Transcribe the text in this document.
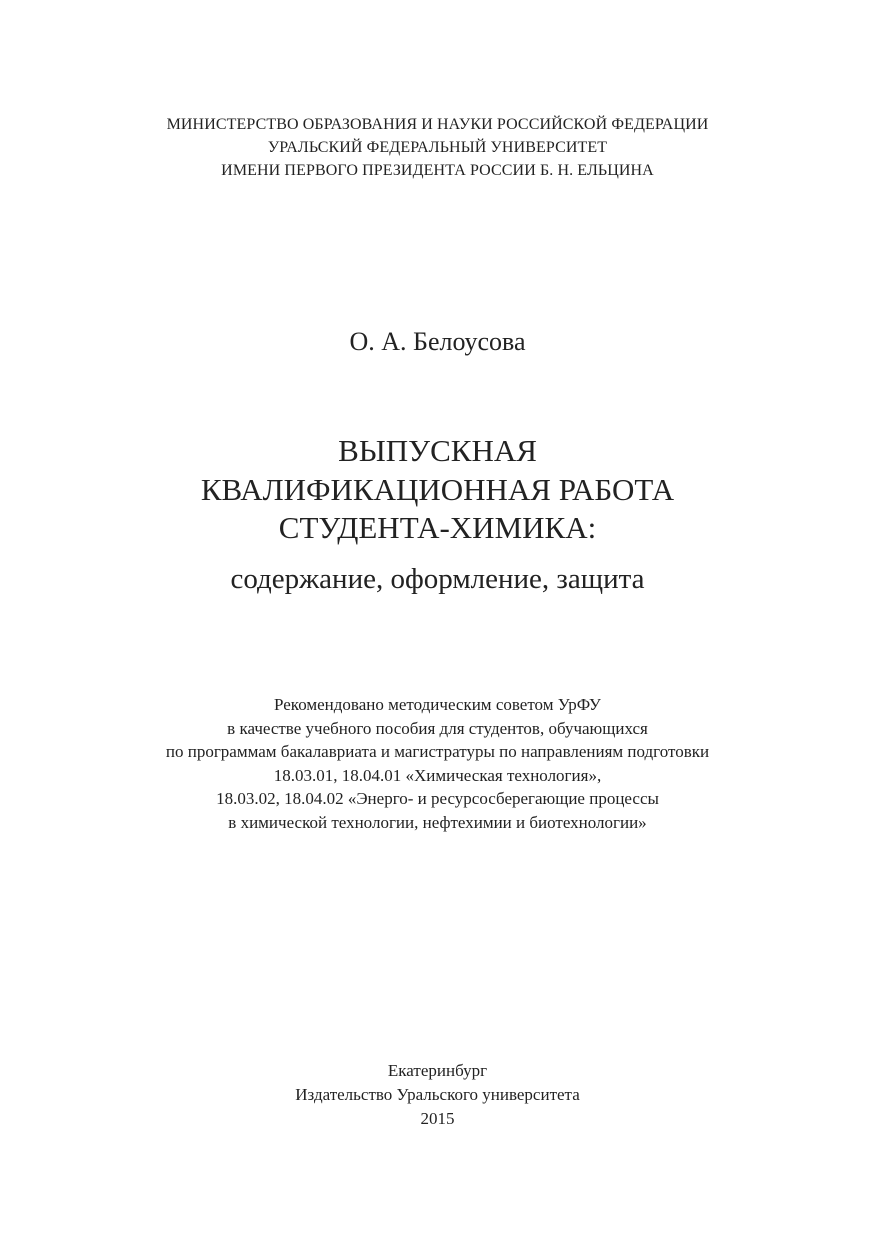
МИНИСТЕРСТВО ОБРАЗОВАНИЯ И НАУКИ РОССИЙСКОЙ ФЕДЕРАЦИИ
УРАЛЬСКИЙ ФЕДЕРАЛЬНЫЙ УНИВЕРСИТЕТ
ИМЕНИ ПЕРВОГО ПРЕЗИДЕНТА РОССИИ Б. Н. ЕЛЬЦИНА
О. А. Белоусова
ВЫПУСКНАЯ
КВАЛИФИКАЦИОННАЯ РАБОТА
СТУДЕНТА-ХИМИКА:
содержание, оформление, защита
Рекомендовано методическим советом УрФУ
в качестве учебного пособия для студентов, обучающихся
по программам бакалавриата и магистратуры по направлениям подготовки
18.03.01, 18.04.01 «Химическая технология»,
18.03.02, 18.04.02 «Энерго- и ресурсосберегающие процессы
в химической технологии, нефтехимии и биотехнологии»
Екатеринбург
Издательство Уральского университета
2015
